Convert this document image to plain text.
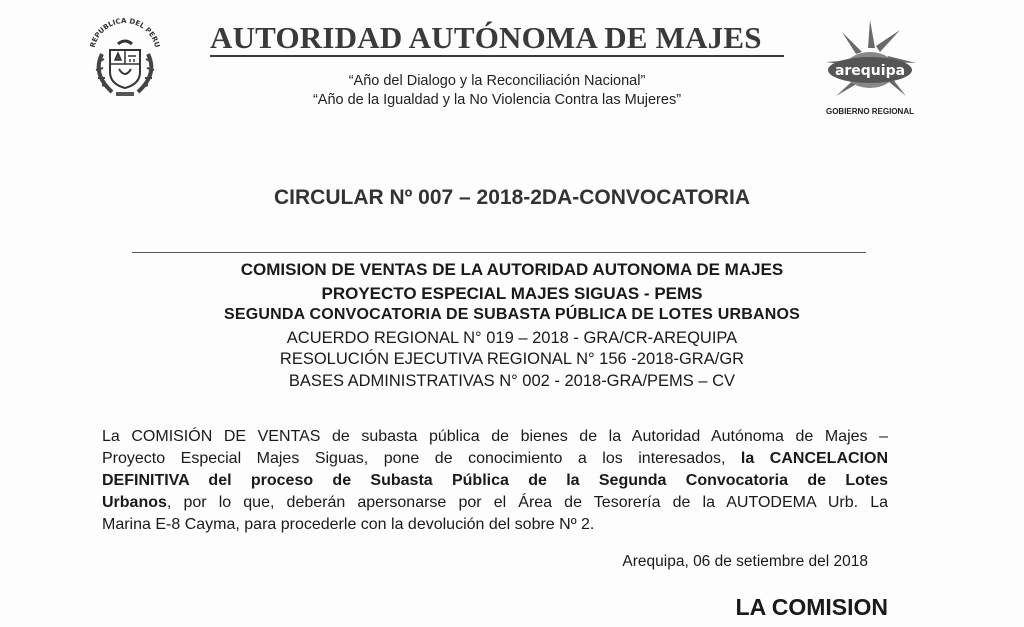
REPUBLICA DEL PERU AUTORIDAD AUTÓNOMA DE MAJES
“Año del Dialogo y la Reconciliación Nacional”
“Año de la Igualdad y la No Violencia Contra las Mujeres”
arequipa
GOBIERNO REGIONAL
CIRCULAR Nº 007 – 2018-2DA-CONVOCATORIA
COMISION DE VENTAS DE LA AUTORIDAD AUTONOMA DE MAJES
PROYECTO ESPECIAL MAJES SIGUAS - PEMS
SEGUNDA CONVOCATORIA DE SUBASTA PÚBLICA DE LOTES URBANOS
ACUERDO REGIONAL N° 019 – 2018 - GRA/CR-AREQUIPA
RESOLUCIÓN EJECUTIVA REGIONAL N° 156 -2018-GRA/GR
BASES ADMINISTRATIVAS N° 002 - 2018-GRA/PEMS – CV
La COMISIÓN DE VENTAS de subasta pública de bienes de la Autoridad Autónoma de Majes –
Proyecto Especial Majes Siguas, pone de conocimiento a los interesados, la CANCELACION
DEFINITIVA del proceso de Subasta Pública de la Segunda Convocatoria de Lotes
Urbanos, por lo que, deberán apersonarse por el Área de Tesorería de la AUTODEMA Urb. La
Marina E-8 Cayma, para procederle con la devolución del sobre Nº 2.
Arequipa, 06 de setiembre del 2018
LA COMISION
